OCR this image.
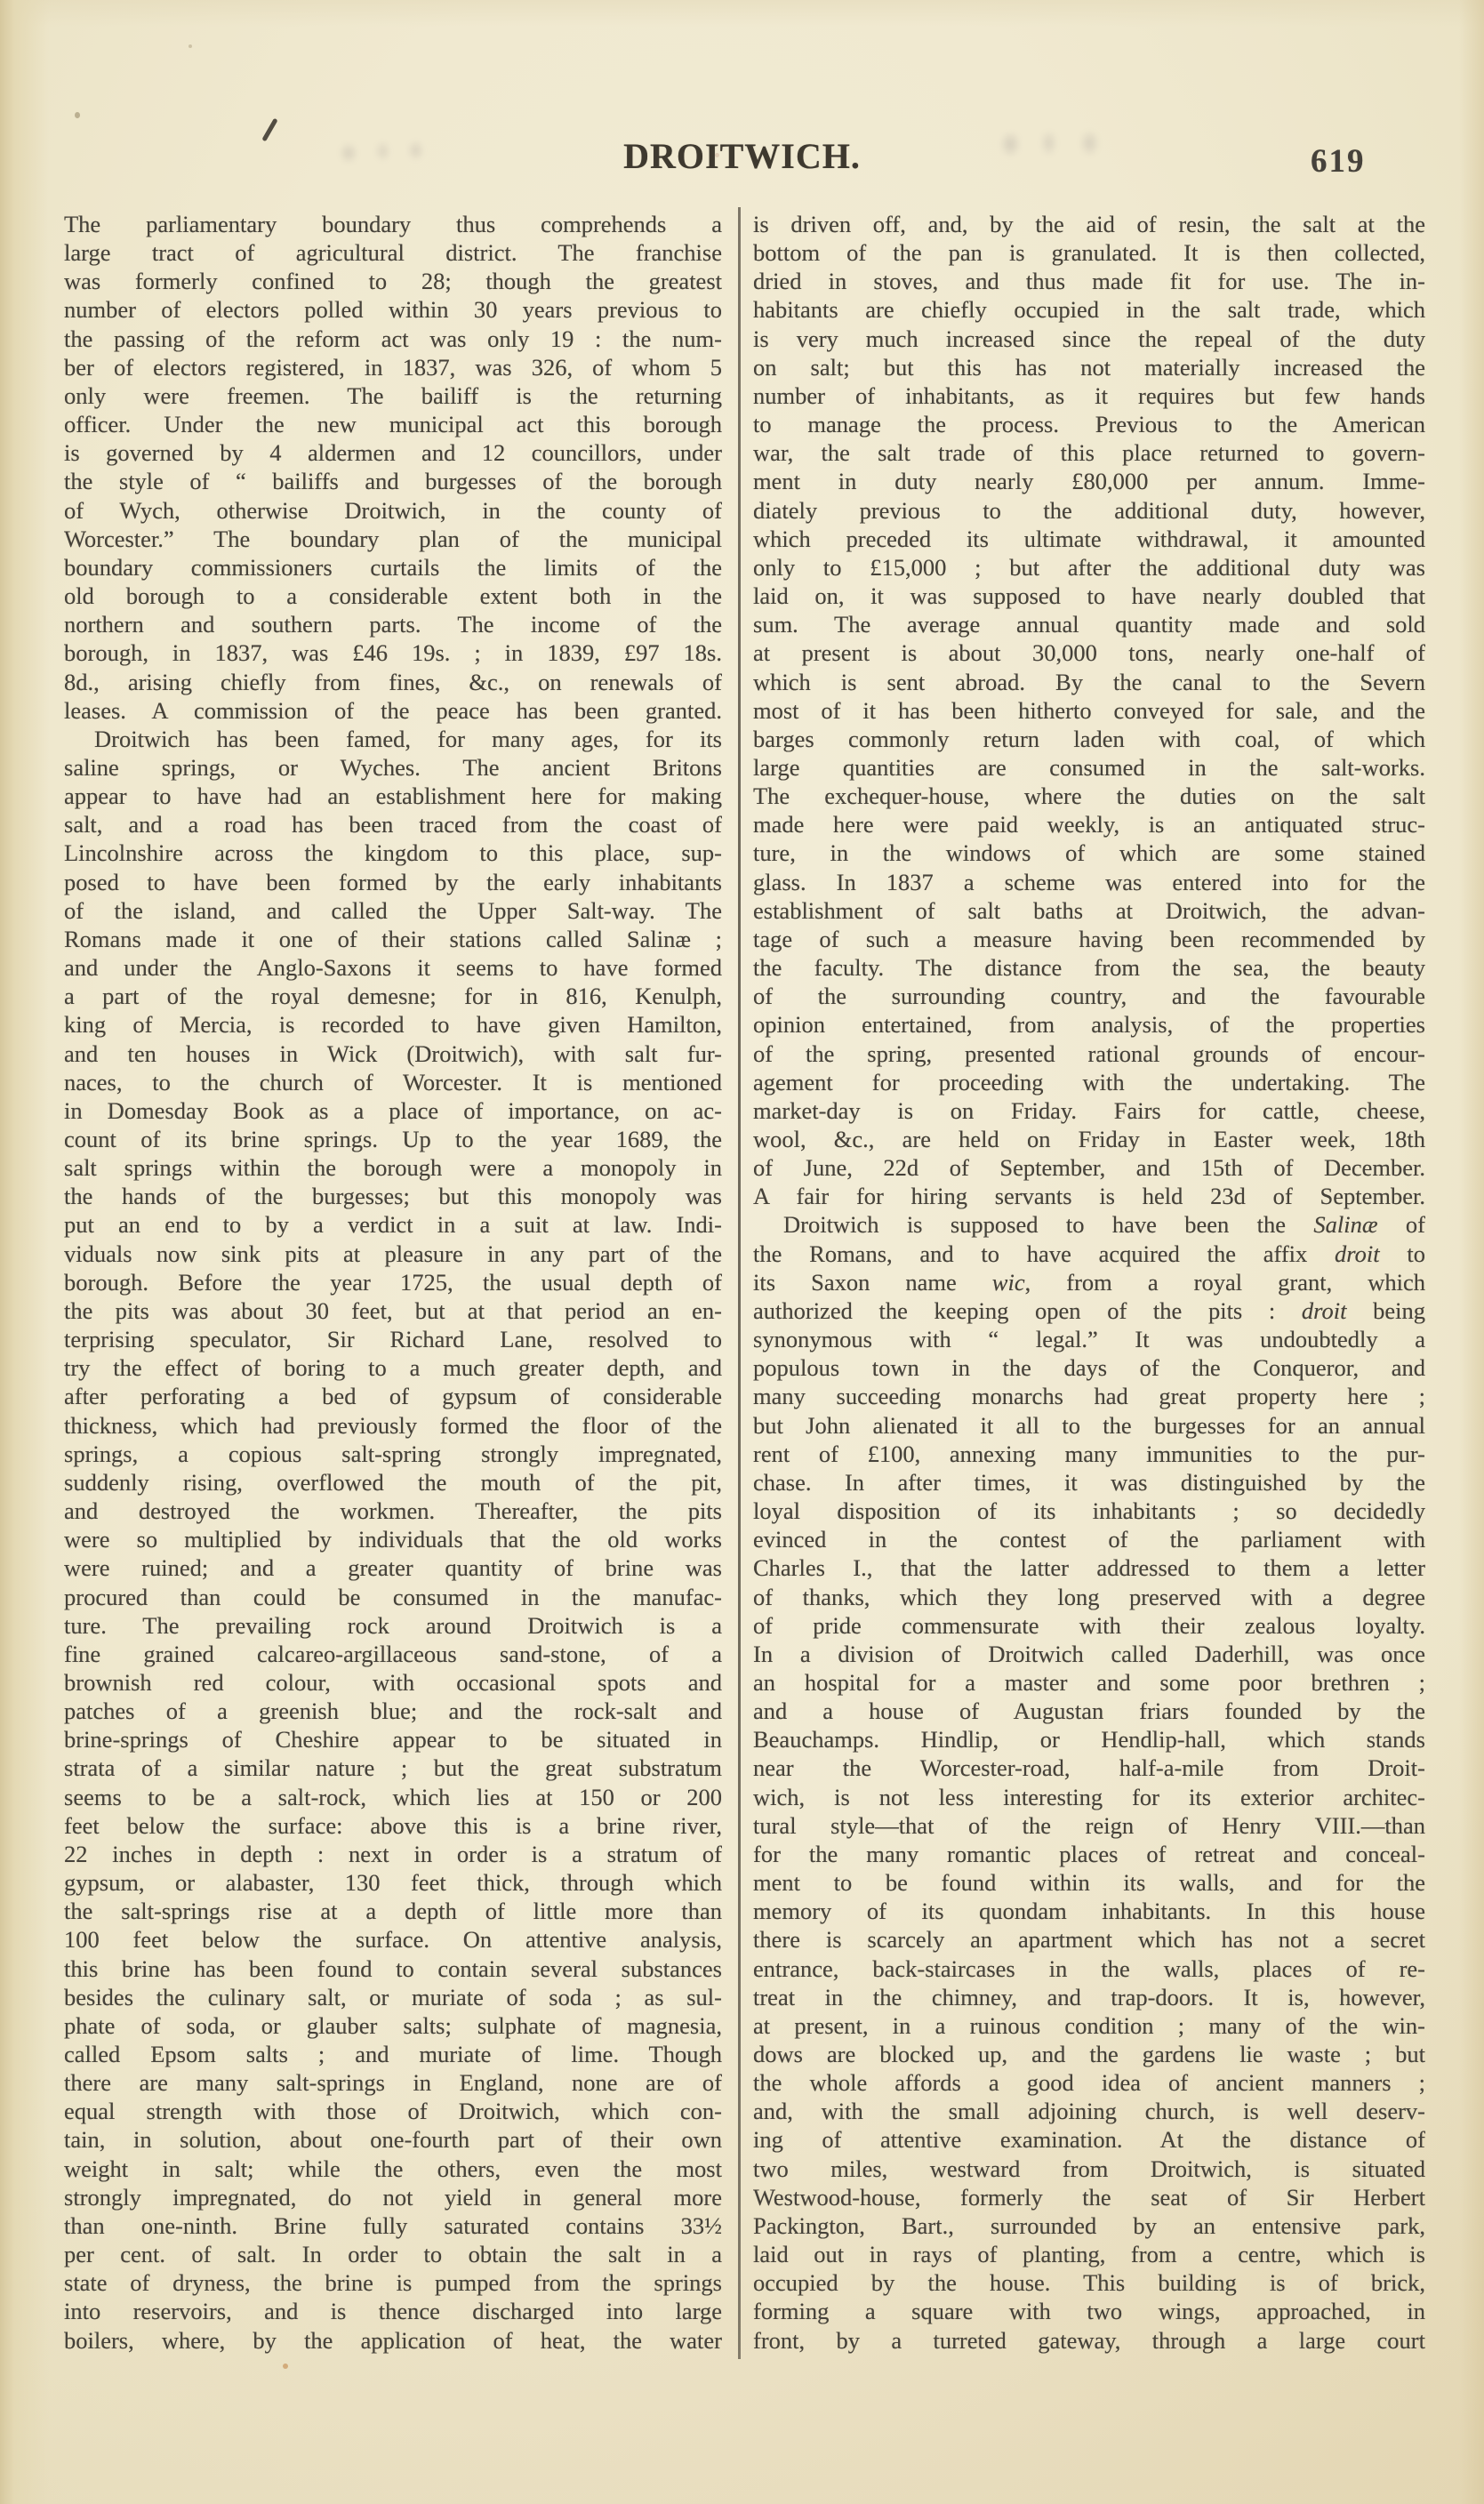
DROITWICH.	619
The parliamentary boundary thus comprehends a
large tract of agricultural district. The franchise
was formerly confined to 28; though the greatest
number of electors polled within 30 years previous to
the passing of the reform act was only 19 : the num-
ber of electors registered, in 1837, was 326, of whom 5
only were freemen. The bailiff is the returning
officer. Under the new municipal act this borough
is governed by 4 aldermen and 12 councillors, under
the style of “ bailiffs and burgesses of the borough
of Wych, otherwise Droitwich, in the county of
Worcester.” The boundary plan of the municipal
boundary commissioners curtails the limits of the
old borough to a considerable extent both in the
northern and southern parts. The income of the
borough, in 1837, was £46 19s. ; in 1839, £97 18s.
8d., arising chiefly from fines, &c., on renewals of
leases. A commission of the peace has been granted.
Droitwich has been famed, for many ages, for its
saline springs, or Wyches. The ancient Britons
appear to have had an establishment here for making
salt, and a road has been traced from the coast of
Lincolnshire across the kingdom to this place, sup-
posed to have been formed by the early inhabitants
of the island, and called the Upper Salt-way. The
Romans made it one of their stations called Salinæ ;
and under the Anglo-Saxons it seems to have formed
a part of the royal demesne; for in 816, Kenulph,
king of Mercia, is recorded to have given Hamilton,
and ten houses in Wick (Droitwich), with salt fur-
naces, to the church of Worcester. It is mentioned
in Domesday Book as a place of importance, on ac-
count of its brine springs. Up to the year 1689, the
salt springs within the borough were a monopoly in
the hands of the burgesses; but this monopoly was
put an end to by a verdict in a suit at law. Indi-
viduals now sink pits at pleasure in any part of the
borough. Before the year 1725, the usual depth of
the pits was about 30 feet, but at that period an en-
terprising speculator, Sir Richard Lane, resolved to
try the effect of boring to a much greater depth, and
after perforating a bed of gypsum of considerable
thickness, which had previously formed the floor of the
springs, a copious salt-spring strongly impregnated,
suddenly rising, overflowed the mouth of the pit,
and destroyed the workmen. Thereafter, the pits
were so multiplied by individuals that the old works
were ruined; and a greater quantity of brine was
procured than could be consumed in the manufac-
ture. The prevailing rock around Droitwich is a
fine grained calcareo-argillaceous sand-stone, of a
brownish red colour, with occasional spots and
patches of a greenish blue; and the rock-salt and
brine-springs of Cheshire appear to be situated in
strata of a similar nature ; but the great substratum
seems to be a salt-rock, which lies at 150 or 200
feet below the surface: above this is a brine river,
22 inches in depth : next in order is a stratum of
gypsum, or alabaster, 130 feet thick, through which
the salt-springs rise at a depth of little more than
100 feet below the surface. On attentive analysis,
this brine has been found to contain several substances
besides the culinary salt, or muriate of soda ; as sul-
phate of soda, or glauber salts; sulphate of magnesia,
called Epsom salts ; and muriate of lime. Though
there are many salt-springs in England, none are of
equal strength with those of Droitwich, which con-
tain, in solution, about one-fourth part of their own
weight in salt; while the others, even the most
strongly impregnated, do not yield in general more
than one-ninth. Brine fully saturated contains 33½
per cent. of salt. In order to obtain the salt in a
state of dryness, the brine is pumped from the springs
into reservoirs, and is thence discharged into large
boilers, where, by the application of heat, the water
is driven off, and, by the aid of resin, the salt at the
bottom of the pan is granulated. It is then collected,
dried in stoves, and thus made fit for use. The in-
habitants are chiefly occupied in the salt trade, which
is very much increased since the repeal of the duty
on salt; but this has not materially increased the
number of inhabitants, as it requires but few hands
to manage the process. Previous to the American
war, the salt trade of this place returned to govern-
ment in duty nearly £80,000 per annum. Imme-
diately previous to the additional duty, however,
which preceded its ultimate withdrawal, it amounted
only to £15,000 ; but after the additional duty was
laid on, it was supposed to have nearly doubled that
sum. The average annual quantity made and sold
at present is about 30,000 tons, nearly one-half of
which is sent abroad. By the canal to the Severn
most of it has been hitherto conveyed for sale, and the
barges commonly return laden with coal, of which
large quantities are consumed in the salt-works.
The exchequer-house, where the duties on the salt
made here were paid weekly, is an antiquated struc-
ture, in the windows of which are some stained
glass. In 1837 a scheme was entered into for the
establishment of salt baths at Droitwich, the advan-
tage of such a measure having been recommended by
the faculty. The distance from the sea, the beauty
of the surrounding country, and the favourable
opinion entertained, from analysis, of the properties
of the spring, presented rational grounds of encour-
agement for proceeding with the undertaking. The
market-day is on Friday. Fairs for cattle, cheese,
wool, &c., are held on Friday in Easter week, 18th
of June, 22d of September, and 15th of December.
A fair for hiring servants is held 23d of September.
Droitwich is supposed to have been the Salinæ of
the Romans, and to have acquired the affix droit to
its Saxon name wic, from a royal grant, which
authorized the keeping open of the pits : droit being
synonymous with “ legal.” It was undoubtedly a
populous town in the days of the Conqueror, and
many succeeding monarchs had great property here ;
but John alienated it all to the burgesses for an annual
rent of £100, annexing many immunities to the pur-
chase. In after times, it was distinguished by the
loyal disposition of its inhabitants ; so decidedly
evinced in the contest of the parliament with
Charles I., that the latter addressed to them a letter
of thanks, which they long preserved with a degree
of pride commensurate with their zealous loyalty.
In a division of Droitwich called Daderhill, was once
an hospital for a master and some poor brethren ;
and a house of Augustan friars founded by the
Beauchamps. Hindlip, or Hendlip-hall, which stands
near the Worcester-road, half-a-mile from Droit-
wich, is not less interesting for its exterior architec-
tural style—that of the reign of Henry VIII.—than
for the many romantic places of retreat and conceal-
ment to be found within its walls, and for the
memory of its quondam inhabitants. In this house
there is scarcely an apartment which has not a secret
entrance, back-staircases in the walls, places of re-
treat in the chimney, and trap-doors. It is, however,
at present, in a ruinous condition ; many of the win-
dows are blocked up, and the gardens lie waste ; but
the whole affords a good idea of ancient manners ;
and, with the small adjoining church, is well deserv-
ing of attentive examination. At the distance of
two miles, westward from Droitwich, is situated
Westwood-house, formerly the seat of Sir Herbert
Packington, Bart., surrounded by an entensive park,
laid out in rays of planting, from a centre, which is
occupied by the house. This building is of brick,
forming a square with two wings, approached, in
front, by a turreted gateway, through a large court
